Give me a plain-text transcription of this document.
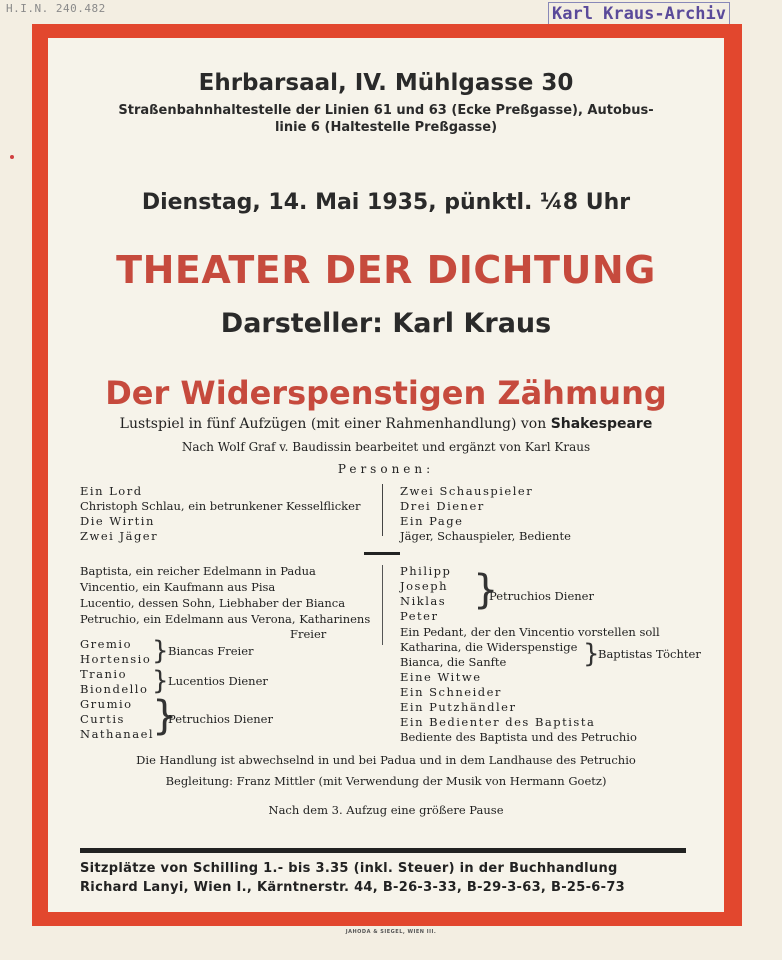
H.I.N. 240.482	Karl Kraus-Archiv
Ehrbarsaal, IV. Mühlgasse 30
Straßenbahnhaltestelle der Linien 61 und 63 (Ecke Preßgasse), Autobus-
linie 6 (Haltestelle Preßgasse)
Dienstag, 14. Mai 1935, pünktl. ¼8 Uhr
THEATER DER DICHTUNG
Darsteller: Karl Kraus
Der Widerspenstigen Zähmung
Lustspiel in fünf Aufzügen (mit einer Rahmenhandlung) von Shakespeare
Nach Wolf Graf v. Baudissin bearbeitet und ergänzt von Karl Kraus
Personen:
Ein Lord
Christoph Schlau, ein betrunkener Kesselflicker
Die Wirtin
Zwei Jäger
Zwei Schauspieler
Drei Diener
Ein Page
Jäger, Schauspieler, Bediente
Baptista, ein reicher Edelmann in Padua
Vincentio, ein Kaufmann aus Pisa
Lucentio, dessen Sohn, Liebhaber der Bianca
Petruchio, ein Edelmann aus Verona, Katharinens
Freier
Gremio
Hortensio } Biancas Freier
Tranio
Biondello } Lucentios Diener
Grumio
Curtis
Nathanael
}
Petruchios Diener
Philipp
Joseph
Niklas
Peter
}
Petruchios Diener
Ein Pedant, der den Vincentio vorstellen soll
Katharina, die Widerspenstige
Bianca, die Sanfte	}
Baptistas Töchter
Eine Witwe
Ein Schneider
Ein Putzhändler
Ein Bedienter des Baptista
Bediente des Baptista und des Petruchio
Die Handlung ist abwechselnd in und bei Padua und in dem Landhause des Petruchio
Begleitung: Franz Mittler (mit Verwendung der Musik von Hermann Goetz)
Nach dem 3. Aufzug eine größere Pause
Sitzplätze von Schilling 1.- bis 3.35 (inkl. Steuer) in der Buchhandlung
Richard Lanyi, Wien I., Kärntnerstr. 44, B-26-3-33, B-29-3-63, B-25-6-73
JAHODA & SIEGEL, WIEN III.
